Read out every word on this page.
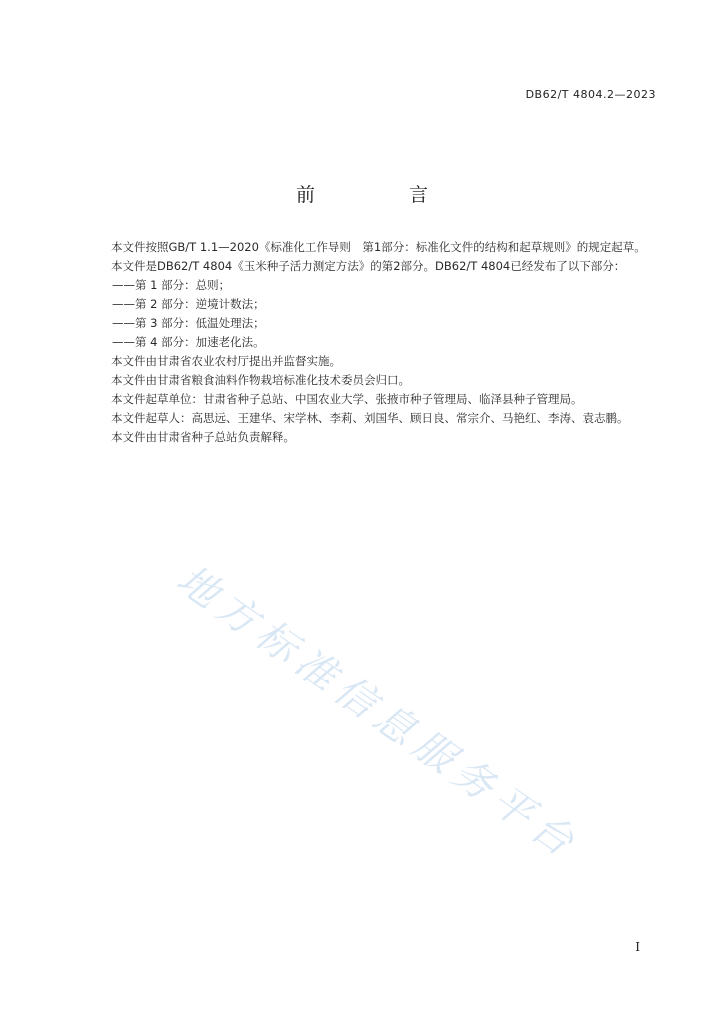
DB62/T 4804.2—2023
前 言

本文件按照GB/T 1.1—2020《标准化工作导则　第1部分：标准化文件的结构和起草规则》的规定起草。

本文件是DB62/T 4804《玉米种子活力测定方法》的第2部分。DB62/T 4804已经发布了以下部分：

——第 1 部分：总则；

——第 2 部分：逆境计数法；

——第 3 部分：低温处理法；

——第 4 部分：加速老化法。

本文件由甘肃省农业农村厅提出并监督实施。

本文件由甘肃省粮食油料作物栽培标准化技术委员会归口。

本文件起草单位：甘肃省种子总站、中国农业大学、张掖市种子管理局、临泽县种子管理局。

本文件起草人：高思远、王建华、宋学林、李莉、刘国华、顾日良、常宗介、马艳红、李涛、袁志鹏。

本文件由甘肃省种子总站负责解释。

地方标准信息服务平台
I
